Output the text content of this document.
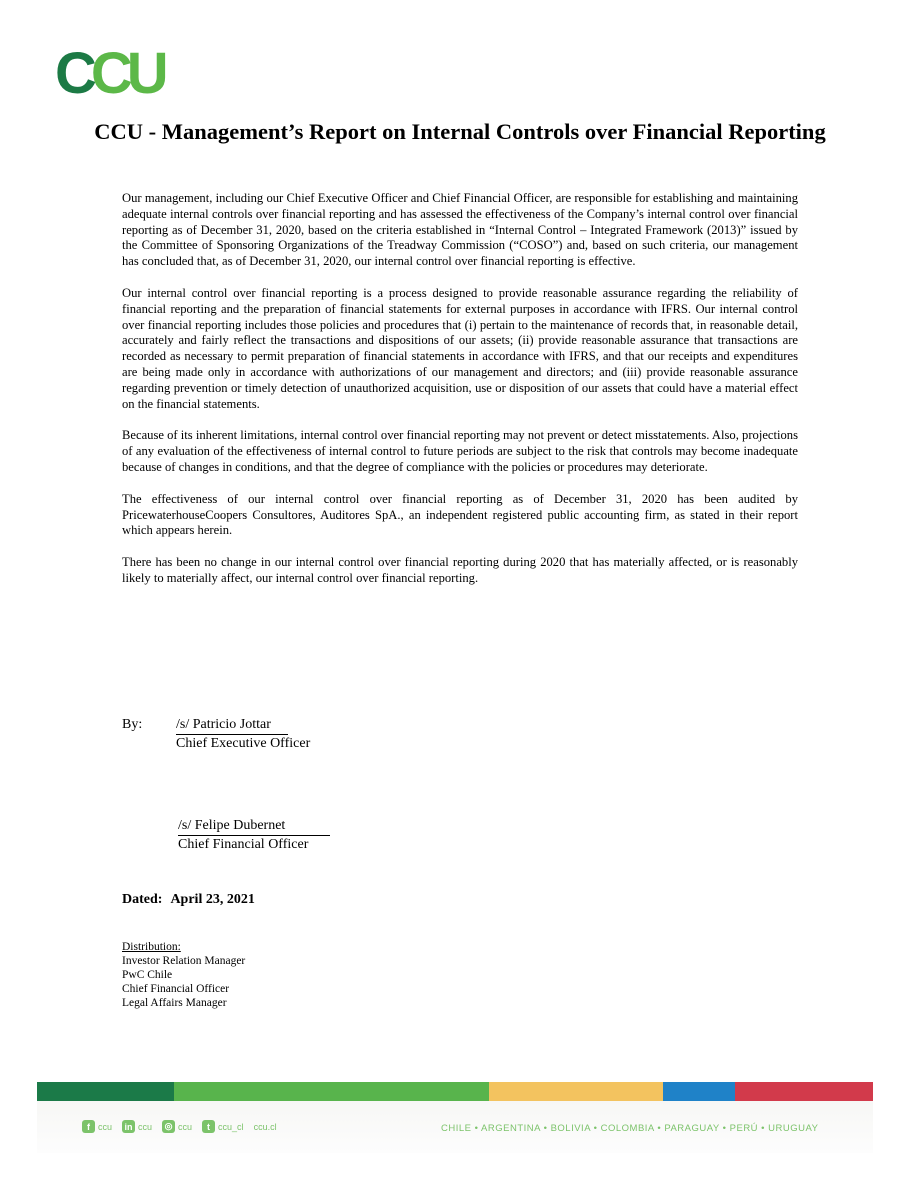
CCU
CCU - Management’s Report on Internal Controls over Financial Reporting

Our management, including our Chief Executive Officer and Chief Financial Officer, are responsible for establishing and maintaining adequate internal controls over financial reporting and has assessed the effectiveness of the Company’s internal control over financial reporting as of December 31, 2020, based on the criteria established in “Internal Control – Integrated Framework (2013)” issued by the Committee of Sponsoring Organizations of the Treadway Commission (“COSO”) and, based on such criteria, our management has concluded that, as of December 31, 2020, our internal control over financial reporting is effective.

Our internal control over financial reporting is a process designed to provide reasonable assurance regarding the reliability of financial reporting and the preparation of financial statements for external purposes in accordance with IFRS. Our internal control over financial reporting includes those policies and procedures that (i) pertain to the maintenance of records that, in reasonable detail, accurately and fairly reflect the transactions and dispositions of our assets; (ii) provide reasonable assurance that transactions are recorded as necessary to permit preparation of financial statements in accordance with IFRS, and that our receipts and expenditures are being made only in accordance with authorizations of our management and directors; and (iii) provide reasonable assurance regarding prevention or timely detection of unauthorized acquisition, use or disposition of our assets that could have a material effect on the financial statements.

Because of its inherent limitations, internal control over financial reporting may not prevent or detect misstatements. Also, projections of any evaluation of the effectiveness of internal control to future periods are subject to the risk that controls may become inadequate because of changes in conditions, and that the degree of compliance with the policies or procedures may deteriorate.

The effectiveness of our internal control over financial reporting as of December 31, 2020 has been audited by PricewaterhouseCoopers Consultores, Auditores SpA., an independent registered public accounting firm, as stated in their report which appears herein.

There has been no change in our internal control over financial reporting during 2020 that has materially affected, or is reasonably likely to materially affect, our internal control over financial reporting.

By: /s/ Patricio Jottar
Chief Executive Officer
/s/ Felipe Dubernet
Chief Financial Officer
Dated: April 23, 2021
Distribution:
Investor Relation Manager
PwC Chile
Chief Financial Officer
Legal Affairs Manager
f ccu in ccu ◎ ccu	t ccu_cl ccu.cl	CHILE • ARGENTINA • BOLIVIA • COLOMBIA • PARAGUAY • PERÚ • URUGUAY
